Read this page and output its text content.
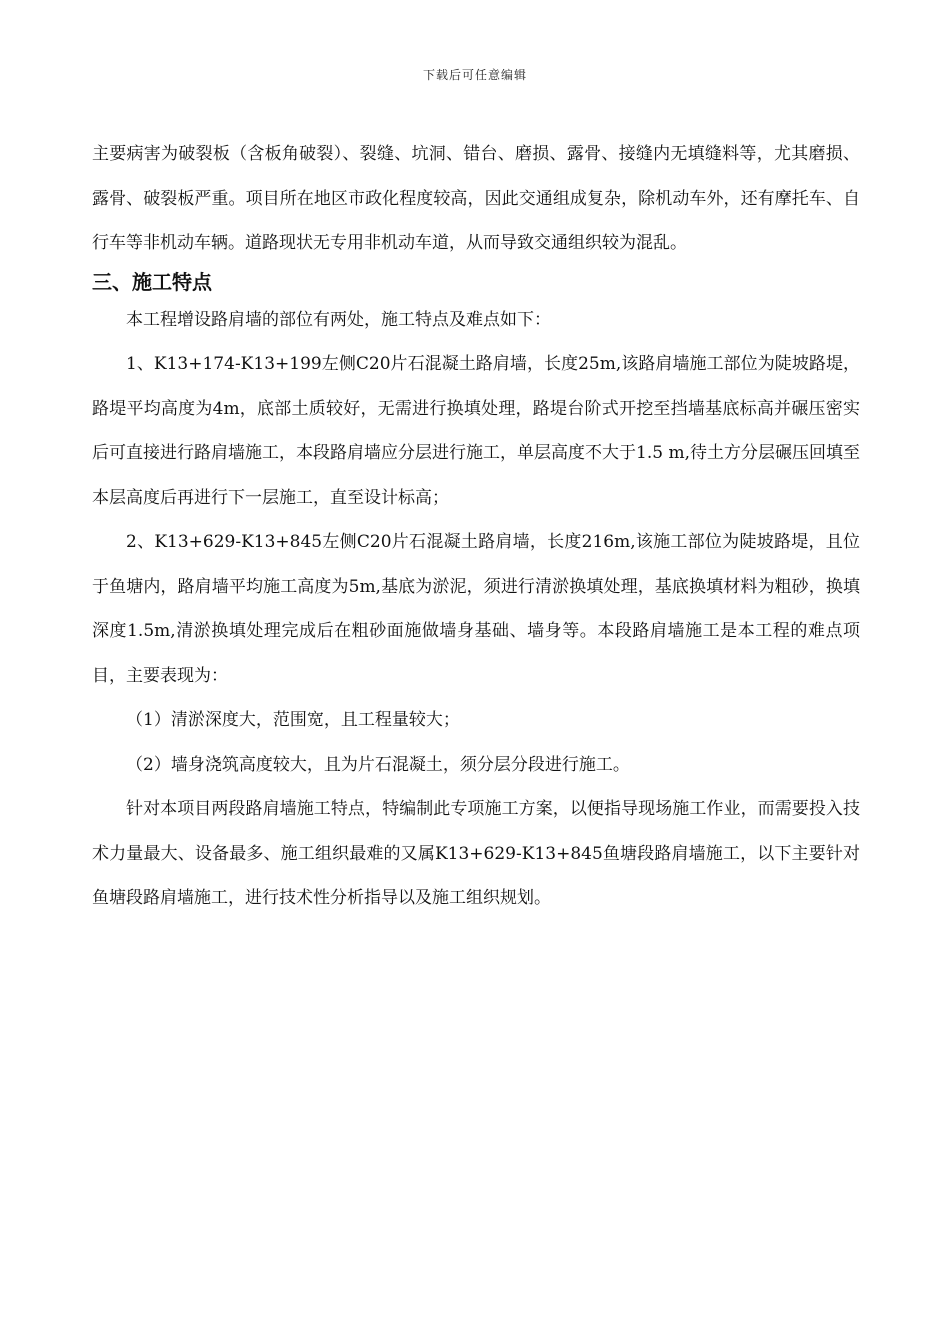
下载后可任意编辑

主要病害为破裂板（含板角破裂）、裂缝、坑洞、错台、磨损、露骨、接缝内无填缝料等，尤其磨损、露骨、破裂板严重。项目所在地区市政化程度较高，因此交通组成复杂，除机动车外，还有摩托车、自行车等非机动车辆。道路现状无专用非机动车道，从而导致交通组织较为混乱。

三、施工特点

本工程增设路肩墙的部位有两处，施工特点及难点如下：

1、K13+174-K13+199左侧C20片石混凝土路肩墙，长度25m,该路肩墙施工部位为陡坡路堤，路堤平均高度为4m，底部土质较好，无需进行换填处理，路堤台阶式开挖至挡墙基底标高并碾压密实后可直接进行路肩墙施工，本段路肩墙应分层进行施工，单层高度不大于1.5 m,待土方分层碾压回填至本层高度后再进行下一层施工，直至设计标高；

2、K13+629-K13+845左侧C20片石混凝土路肩墙，长度216m,该施工部位为陡坡路堤，且位于鱼塘内，路肩墙平均施工高度为5m,基底为淤泥，须进行清淤换填处理，基底换填材料为粗砂，换填深度1.5m,清淤换填处理完成后在粗砂面施做墙身基础、墙身等。本段路肩墙施工是本工程的难点项目，主要表现为：

（1）清淤深度大，范围宽，且工程量较大；

（2）墙身浇筑高度较大，且为片石混凝土，须分层分段进行施工。

针对本项目两段路肩墙施工特点，特编制此专项施工方案，以便指导现场施工作业，而需要投入技术力量最大、设备最多、施工组织最难的又属K13+629-K13+845鱼塘段路肩墙施工，以下主要针对鱼塘段路肩墙施工，进行技术性分析指导以及施工组织规划。
